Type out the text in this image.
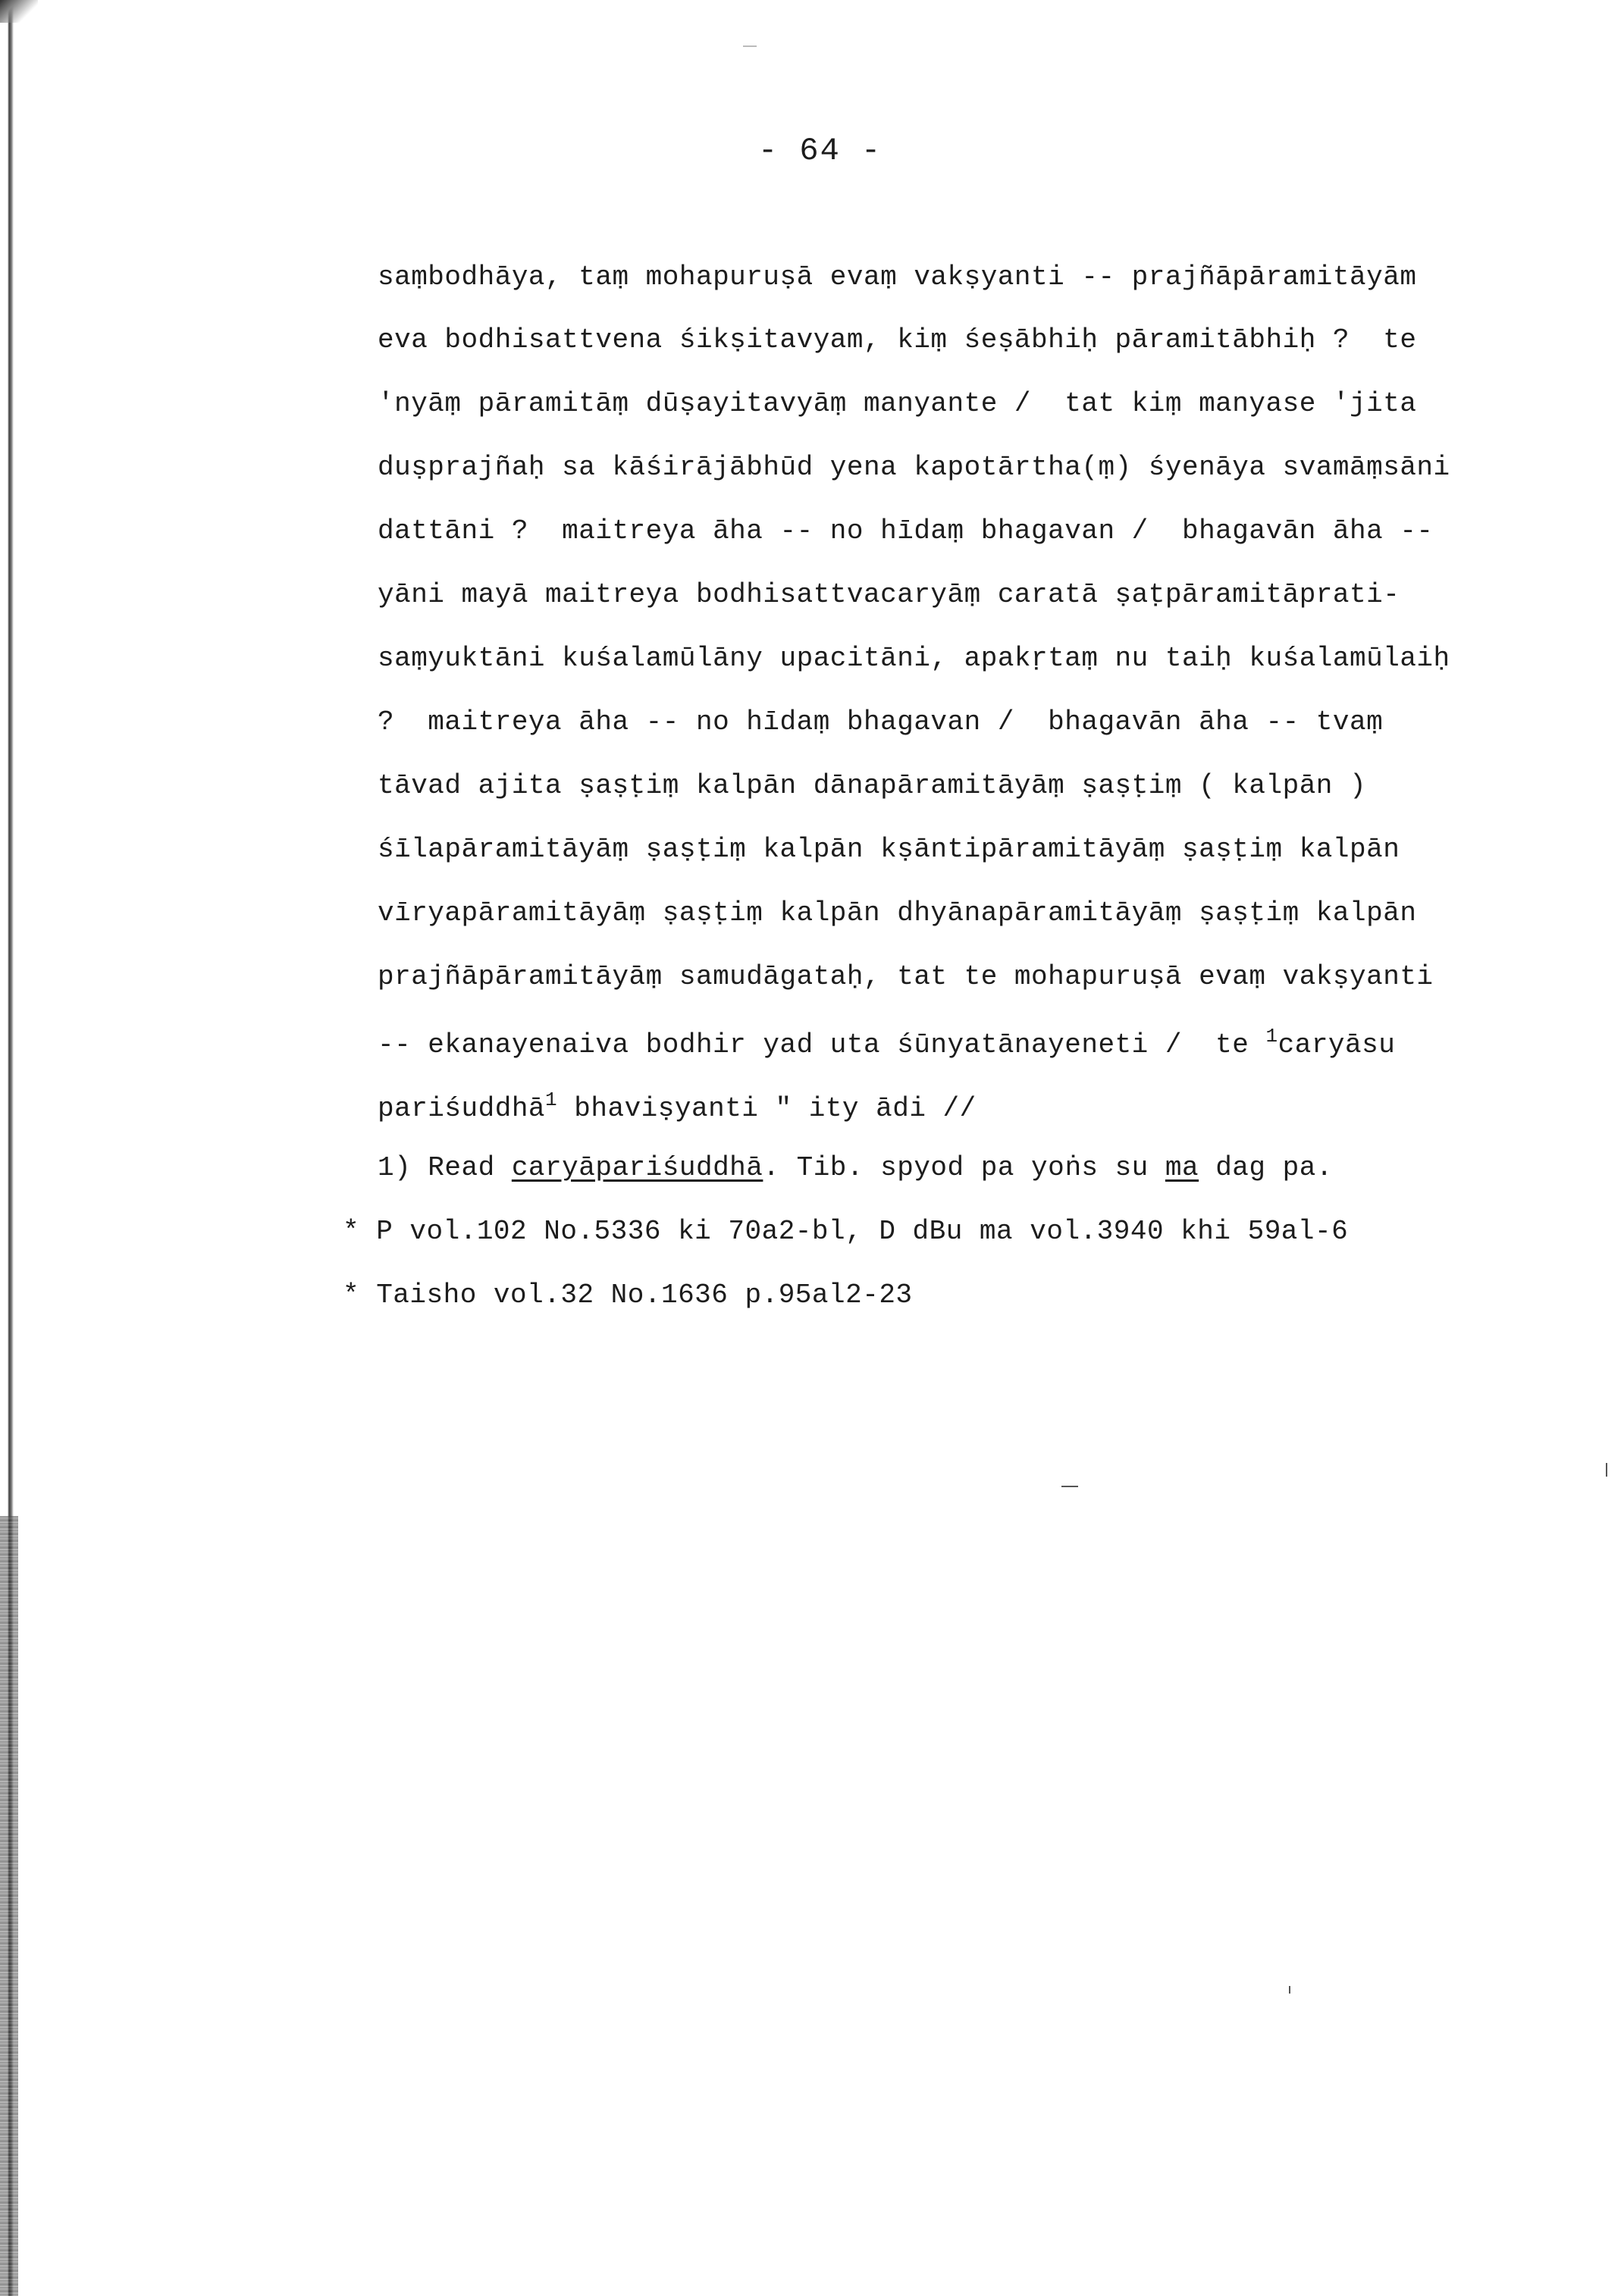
- 64 -
saṃbodhāya, taṃ mohapuruṣā evaṃ vakṣyanti -- prajñāpāramitāyām
eva bodhisattvena śikṣitavyam, kiṃ śeṣābhiḥ pāramitābhiḥ ?  te
'nyāṃ pāramitāṃ dūṣayitavyāṃ manyante /  tat kiṃ manyase 'jita
duṣprajñaḥ sa kāśirājābhūd yena kapotārtha(ṃ) śyenāya svamāṃsāni
dattāni ?  maitreya āha -- no hīdaṃ bhagavan /  bhagavān āha --
yāni mayā maitreya bodhisattvacaryāṃ caratā ṣaṭpāramitāprati-
saṃyuktāni kuśalamūlāny upacitāni, apakṛtaṃ nu taiḥ kuśalamūlaiḥ
?  maitreya āha -- no hīdaṃ bhagavan /  bhagavān āha -- tvaṃ
tāvad ajita ṣaṣṭiṃ kalpān dānapāramitāyāṃ ṣaṣṭiṃ ( kalpān )
śīlapāramitāyāṃ ṣaṣṭiṃ kalpān kṣāntipāramitāyāṃ ṣaṣṭiṃ kalpān
vīryapāramitāyāṃ ṣaṣṭiṃ kalpān dhyānapāramitāyāṃ ṣaṣṭiṃ kalpān
prajñāpāramitāyāṃ samudāgataḥ, tat te mohapuruṣā evaṃ vakṣyanti
-- ekanayenaiva bodhir yad uta śūnyatānayeneti /  te $^1$caryāsu
pariśuddhā$^1$ bhaviṣyanti " ity ādi //
1) Read caryāpariśuddhā. Tib. spyod pa yoṅs su ma dag pa.
* P vol.102 No.5336 ki 70a2-bl, D dBu ma vol.3940 khi 59al-6
* Taisho vol.32 No.1636 p.95al2-23
